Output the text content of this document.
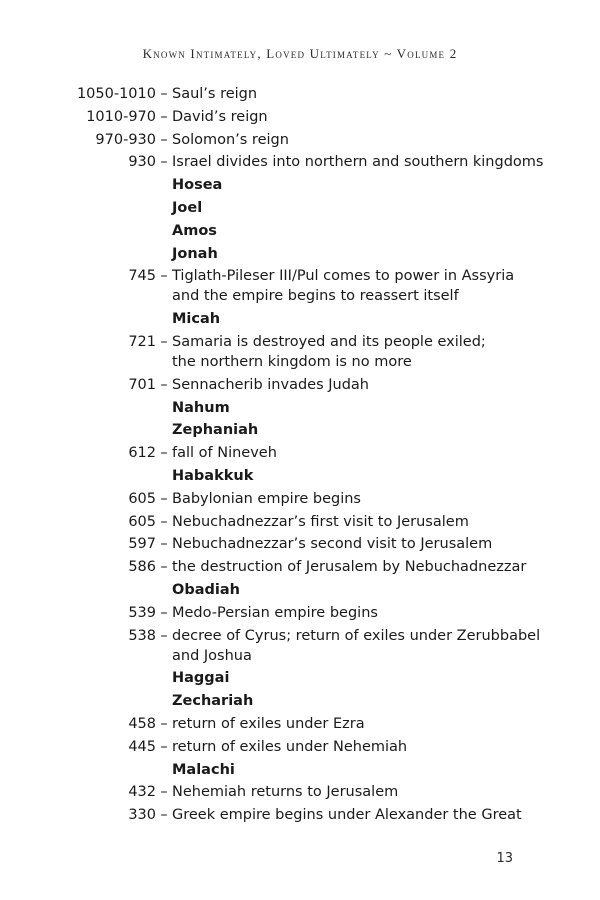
Known Intimately, Loved Ultimately ~ Volume 2
1050-1010 – Saul’s reign
1010-970 – David’s reign
970-930 – Solomon’s reign
930 – Israel divides into northern and southern kingdoms
Hosea
Joel
Amos
Jonah
745 – Tiglath-Pileser III/Pul comes to power in Assyria
and the empire begins to reassert itself
Micah
721 – Samaria is destroyed and its people exiled;
the northern kingdom is no more
701 – Sennacherib invades Judah
Nahum
Zephaniah
612 – fall of Nineveh
Habakkuk
605 – Babylonian empire begins
605 – Nebuchadnezzar’s first visit to Jerusalem
597 – Nebuchadnezzar’s second visit to Jerusalem
586 – the destruction of Jerusalem by Nebuchadnezzar
Obadiah
539 – Medo-Persian empire begins
538 – decree of Cyrus; return of exiles under Zerubbabel
and Joshua
Haggai
Zechariah
458 – return of exiles under Ezra
445 – return of exiles under Nehemiah
Malachi
432 – Nehemiah returns to Jerusalem
330 – Greek empire begins under Alexander the Great
13
